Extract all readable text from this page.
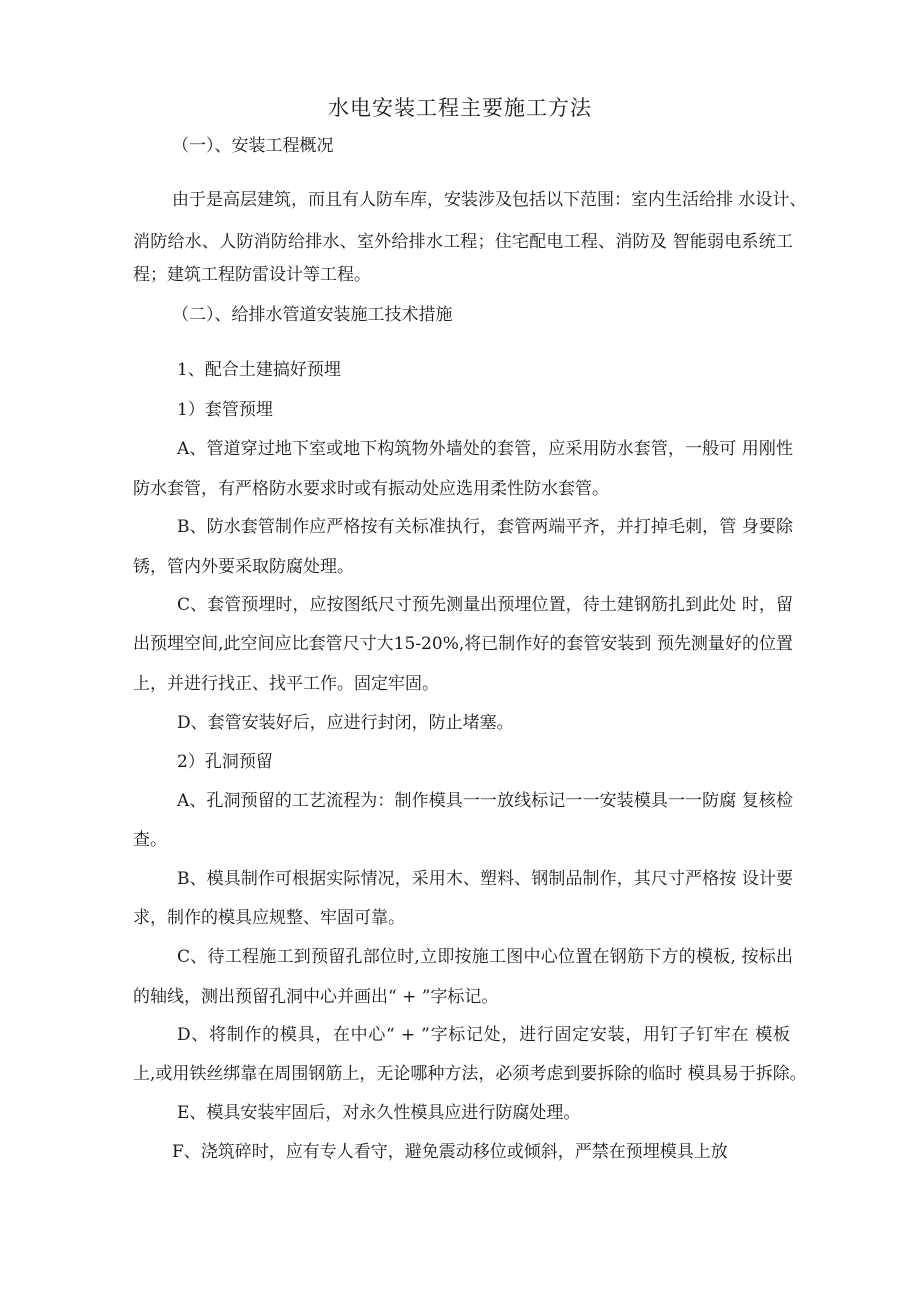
水电安装工程主要施工方法
（一）、安装工程概况
由于是高层建筑，而且有人防车库，安装涉及包括以下范围：室内生活给排 水设计、
消防给水、人防消防给排水、室外给排水工程；住宅配电工程、消防及 智能弱电系统工
程；建筑工程防雷设计等工程。
（二）、给排水管道安装施工技术措施
1、配合土建搞好预埋
1）套管预埋
A、管道穿过地下室或地下构筑物外墙处的套管，应采用防水套管，一般可 用刚性
防水套管，有严格防水要求时或有振动处应选用柔性防水套管。
B、防水套管制作应严格按有关标准执行，套管两端平齐，并打掉毛刺，管 身要除
锈，管内外要采取防腐处理。
C、套管预埋时，应按图纸尺寸预先测量出预埋位置，待土建钢筋扎到此处 时，留
出预埋空间,此空间应比套管尺寸大15-20%,将已制作好的套管安装到 预先测量好的位置
上，并进行找正、找平工作。固定牢固。
D、套管安装好后，应进行封闭，防止堵塞。
2）孔洞预留
A、孔洞预留的工艺流程为：制作模具一一放线标记一一安装模具一一防腐 复核检
查。
B、模具制作可根据实际情况，采用木、塑料、钢制品制作，其尺寸严格按 设计要
求，制作的模具应规整、牢固可靠。
C、待工程施工到预留孔部位时,立即按施工图中心位置在钢筋下方的模板, 按标出
的轴线，测出预留孔洞中心并画出“ + ”字标记。
D、将制作的模具，在中心“ + ”字标记处，进行固定安装，用钉子钉牢在 模板
上,或用铁丝绑靠在周围钢筋上，无论哪种方法，必须考虑到要拆除的临时 模具易于拆除。
E、模具安装牢固后，对永久性模具应进行防腐处理。
F、浇筑碎时，应有专人看守，避免震动移位或倾斜，严禁在预埋模具上放
